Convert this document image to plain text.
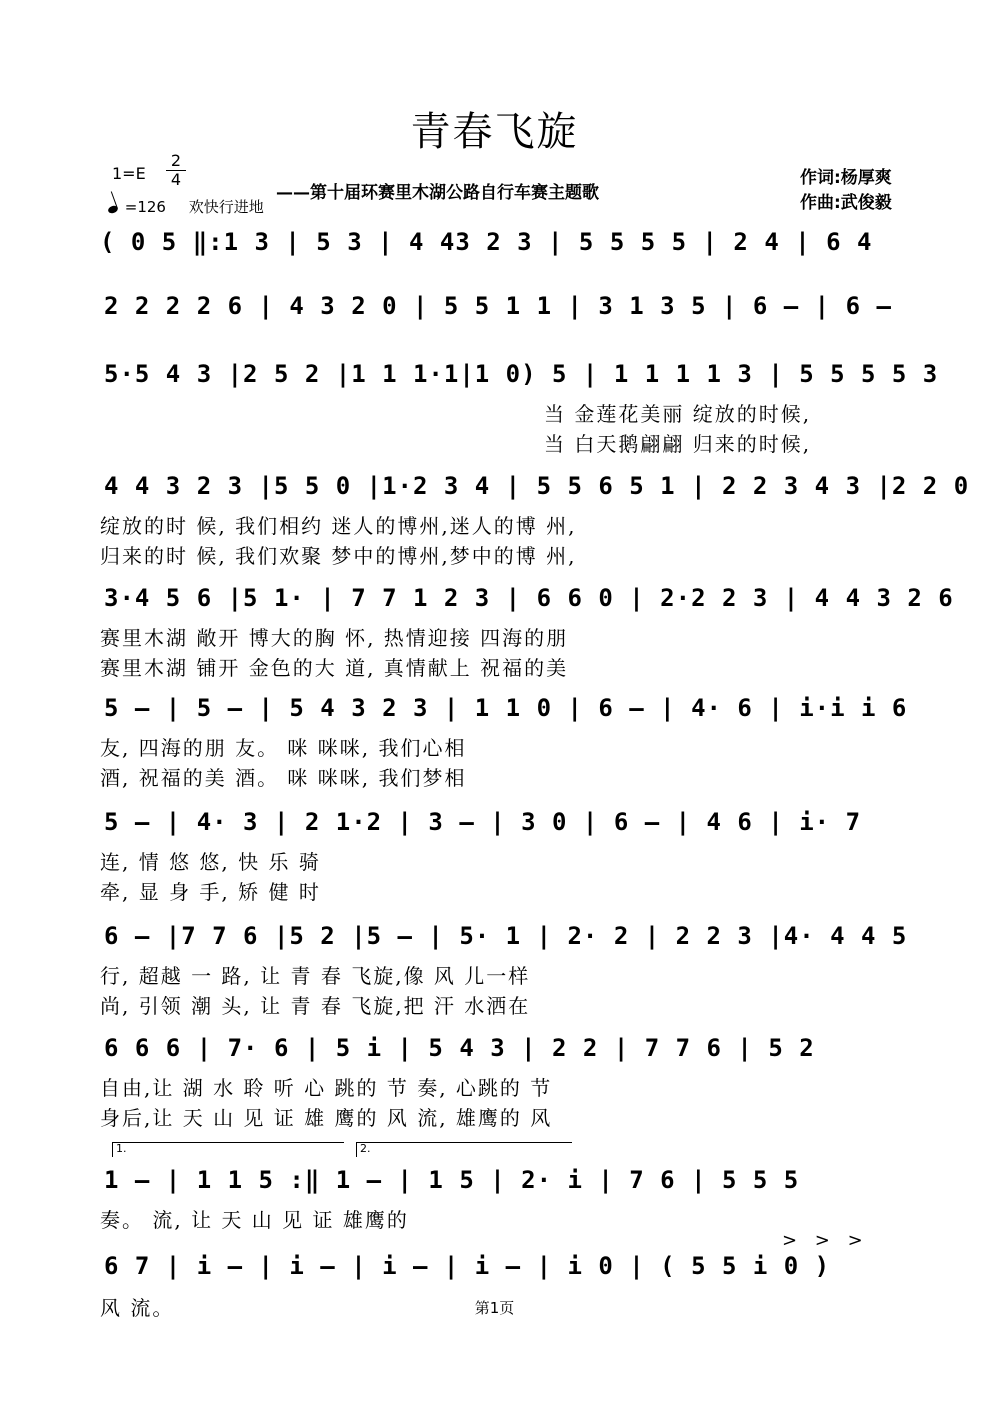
青春飞旋
1=E
2
4
=126 欢快行进地
——第十届环赛里木湖公路自行车赛主题歌
作词:杨厚爽
作曲:武俊毅
( 0 5 ‖:1 3 | 5 3 | 4 43 2 3 | 5 5 5 5 | 2 4 | 6 4
2 2 2 2 6 | 4 3 2 0 | 5 5 1 1 | 3 1 3 5 | 6 – | 6 –
5·5 4 3 |2 5 2 |1 1 1·1|1 0) 5 | 1 1 1 1 3 | 5 5 5 5 3
当 金莲花美丽 绽放的时候,
当 白天鹅翩翩 归来的时候,
4 4 3 2 3 |5 5 0 |1·2 3 4 | 5 5 6 5 1 | 2 2 3 4 3 |2 2 0
绽放的时 候, 我们相约 迷人的博州,迷人的博 州,
归来的时 候, 我们欢聚 梦中的博州,梦中的博 州,
3·4 5 6 |5 1· | 7 7 1 2 3 | 6 6 0 | 2·2 2 3 | 4 4 3 2 6
赛里木湖 敞开 博大的胸 怀, 热情迎接 四海的朋
赛里木湖 铺开 金色的大 道, 真情献上 祝福的美
5 – | 5 – | 5 4 3 2 3 | 1 1 0 | 6 – | 4· 6 | i·i i 6
友, 四海的朋 友。 咪 咪咪, 我们心相
酒, 祝福的美 酒。 咪 咪咪, 我们梦相
5 – | 4· 3 | 2 1·2 | 3 – | 3 0 | 6 – | 4 6 | i· 7
连, 情 悠 悠, 快 乐 骑
牵, 显 身 手, 矫 健 时
6 – |7 7 6 |5 2 |5 – | 5· 1 | 2· 2 | 2 2 3 |4· 4 4 5
行, 超越 一 路, 让 青 春 飞旋,像 风 儿一样
尚, 引领 潮 头, 让 青 春 飞旋,把 汗 水洒在
6 6 6 | 7· 6 | 5 i | 5 4 3 | 2 2 | 7 7 6 | 5 2
自由,让 湖 水 聆 听 心 跳的 节 奏, 心跳的 节
身后,让 天 山 见 证 雄 鹰的 风 流, 雄鹰的 风
1.	2.
1 – | 1 1 5 :‖ 1 – | 1 5 | 2· i | 7 6 | 5 5 5
奏。 流, 让 天 山 见 证 雄鹰的
> > >
6 7 | i – | i – | i – | i – | i 0 | ( 5 5 i 0 )
风 流。	第1页
